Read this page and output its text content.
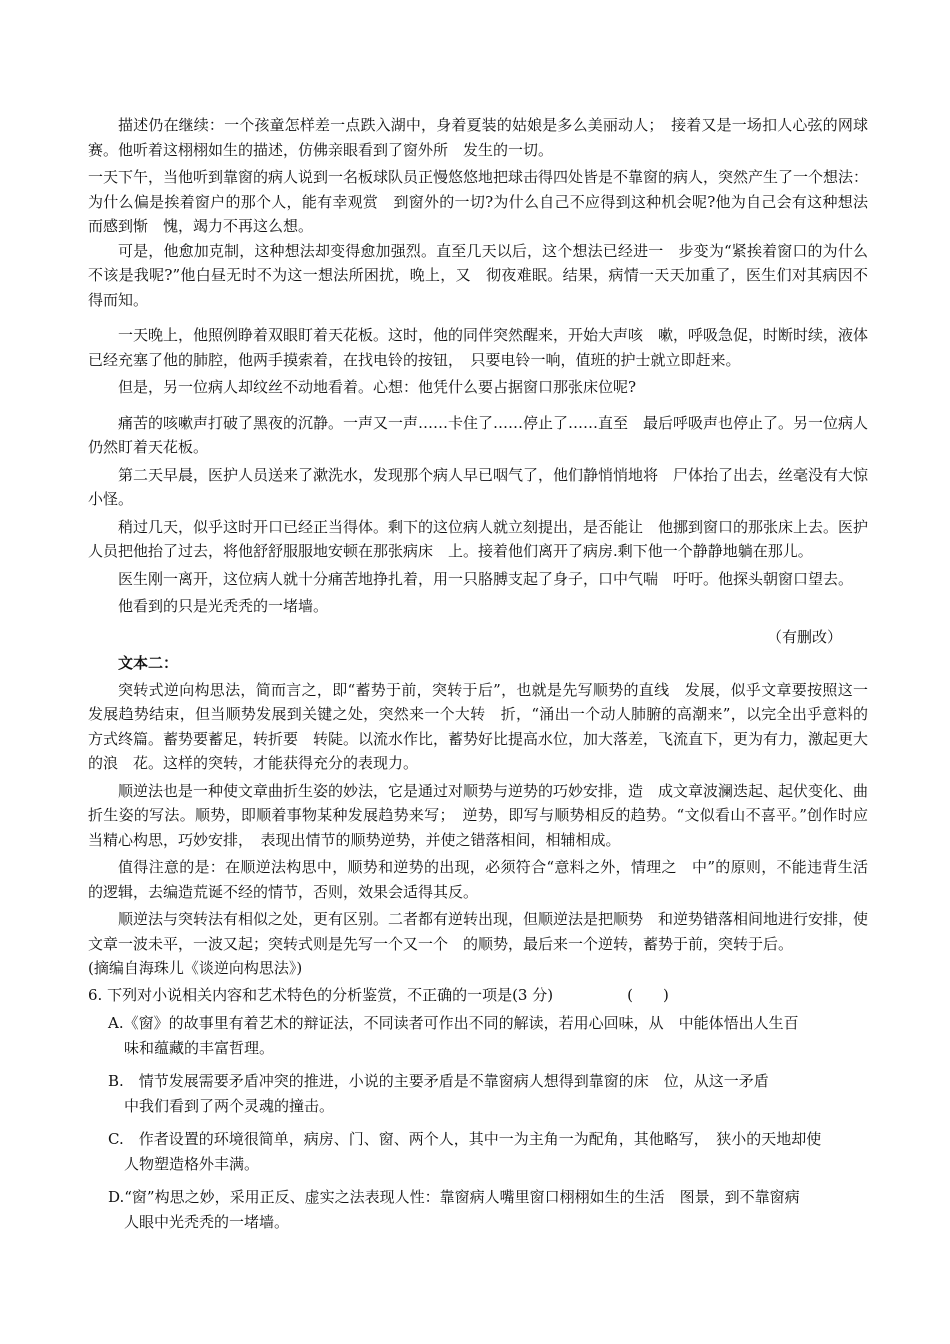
描述仍在继续：一个孩童怎样差一点跌入湖中，身着夏装的姑娘是多么美丽动人；　接着又是一场扣人心弦的网球赛。他听着这栩栩如生的描述，仿佛亲眼看到了窗外所　发生的一切。

一天下午，当他听到靠窗的病人说到一名板球队员正慢悠悠地把球击得四处皆是不靠窗的病人，突然产生了一个想法：为什么偏是挨着窗户的那个人，能有幸观赏　到窗外的一切?为什么自己不应得到这种机会呢?他为自己会有这种想法而感到惭　愧，竭力不再这么想。

可是，他愈加克制，这种想法却变得愈加强烈。直至几天以后，这个想法已经进一　步变为“紧挨着窗口的为什么不该是我呢?”他白昼无时不为这一想法所困扰，晚上，又　彻夜难眠。结果，病情一天天加重了，医生们对其病因不得而知。

一天晚上，他照例睁着双眼盯着天花板。这时，他的同伴突然醒来，开始大声咳　嗽，呼吸急促，时断时续，液体已经充塞了他的肺腔，他两手摸索着，在找电铃的按钮，　只要电铃一响，值班的护士就立即赶来。

但是，另一位病人却纹丝不动地看着。心想：他凭什么要占据窗口那张床位呢?

痛苦的咳嗽声打破了黑夜的沉静。一声又一声……卡住了……停止了……直至　最后呼吸声也停止了。另一位病人仍然盯着天花板。

第二天早晨，医护人员送来了漱洗水，发现那个病人早已咽气了，他们静悄悄地将　尸体抬了出去，丝毫没有大惊小怪。

稍过几天，似乎这时开口已经正当得体。剩下的这位病人就立刻提出，是否能让　他挪到窗口的那张床上去。医护人员把他抬了过去，将他舒舒服服地安顿在那张病床　上。接着他们离开了病房.剩下他一个静静地躺在那儿。

医生刚一离开，这位病人就十分痛苦地挣扎着，用一只胳膊支起了身子，口中气喘　吁吁。他探头朝窗口望去。

他看到的只是光秃秃的一堵墙。

（有删改）
文本二：

突转式逆向构思法，简而言之，即“蓄势于前，突转于后”，也就是先写顺势的直线　发展，似乎文章要按照这一发展趋势结束，但当顺势发展到关键之处，突然来一个大转　折，“涌出一个动人肺腑的高潮来”，以完全出乎意料的方式终篇。蓄势要蓄足，转折要　转陡。以流水作比，蓄势好比提高水位，加大落差，飞流直下，更为有力，激起更大的浪　花。这样的突转，才能获得充分的表现力。

顺逆法也是一种使文章曲折生姿的妙法，它是通过对顺势与逆势的巧妙安排，造　成文章波澜迭起、起伏变化、曲折生姿的写法。顺势，即顺着事物某种发展趋势来写；　逆势，即写与顺势相反的趋势。“文似看山不喜平。”创作时应当精心构思，巧妙安排，　表现出情节的顺势逆势，并使之错落相间，相辅相成。

值得注意的是：在顺逆法构思中，顺势和逆势的出现，必须符合“意料之外，情理之　中”的原则，不能违背生活的逻辑，去编造荒诞不经的情节，否则，效果会适得其反。

顺逆法与突转法有相似之处，更有区别。二者都有逆转出现，但顺逆法是把顺势　和逆势错落相间地进行安排，使文章一波未平，一波又起；突转式则是先写一个又一个　的顺势，最后来一个逆转，蓄势于前，突转于后。

(摘编自海珠儿《谈逆向构思法》)

6. 下列对小说相关内容和艺术特色的分析鉴赏，不正确的一项是(3 分)	(　　)

A.《窗》的故事里有着艺术的辩证法，不同读者可作出不同的解读，若用心回味，从　中能体悟出人生百
味和蕴藏的丰富哲理。
B.　情节发展需要矛盾冲突的推进，小说的主要矛盾是不靠窗病人想得到靠窗的床　位，从这一矛盾
中我们看到了两个灵魂的撞击。
C.　作者设置的环境很简单，病房、门、窗、两个人，其中一为主角一为配角，其他略写，　狭小的天地却使
人物塑造格外丰满。
D.“窗”构思之妙，采用正反、虚实之法表现人性：靠窗病人嘴里窗口栩栩如生的生活　图景，到不靠窗病
人眼中光秃秃的一堵墙。
